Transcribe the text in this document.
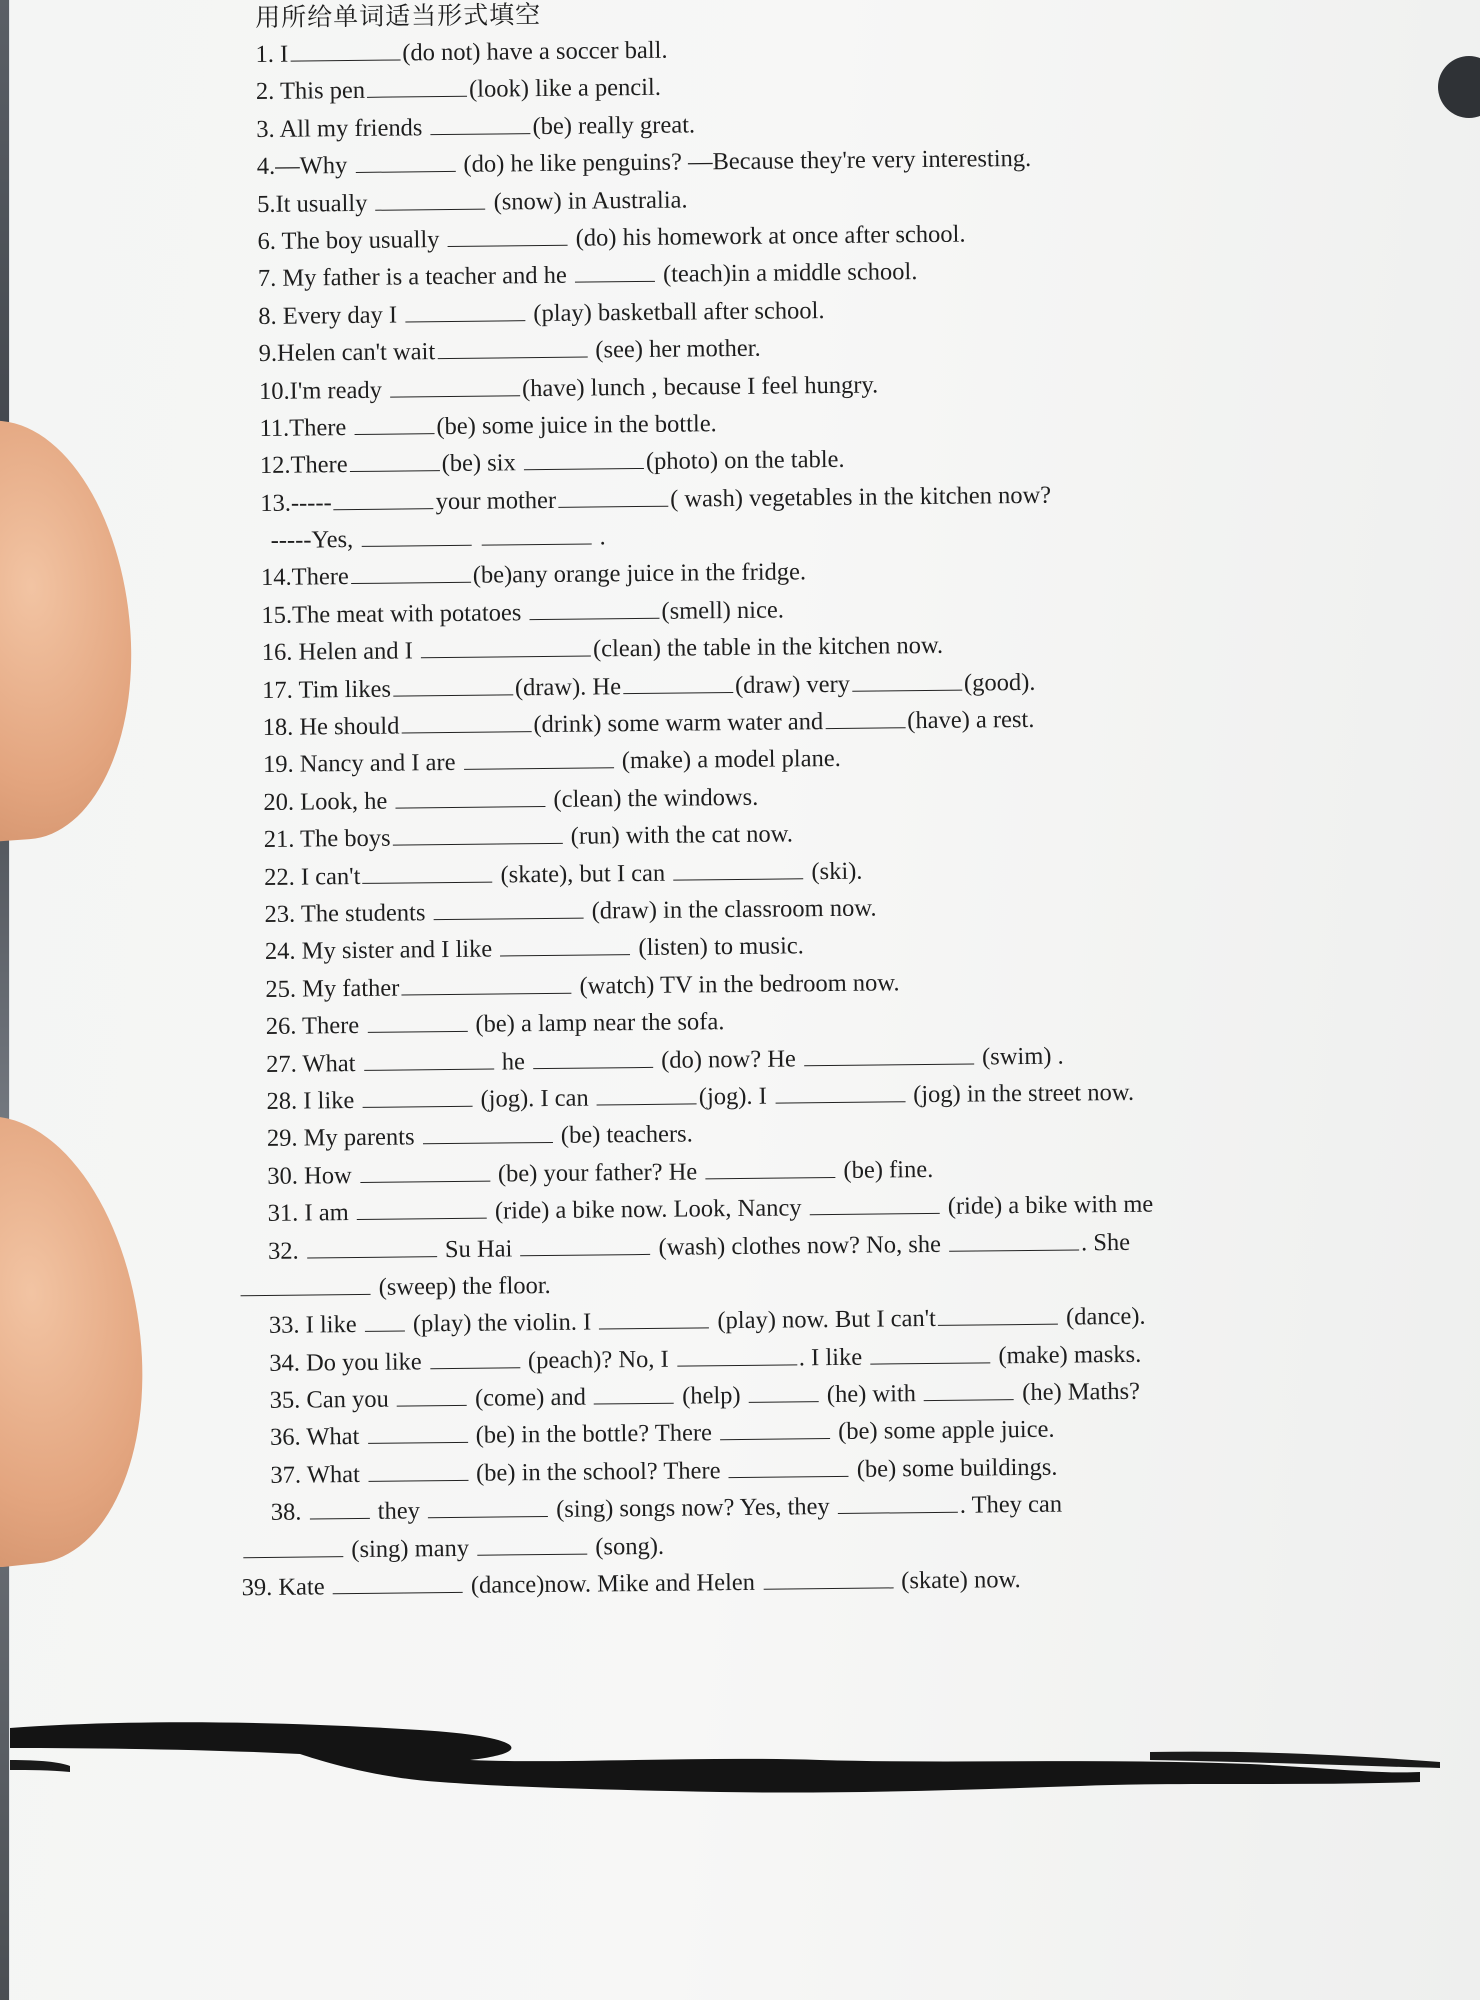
用所给单词适当形式填空
1. I	(do not) have a soccer ball.
2. This pen	(look) like a pencil.
3. All my friends	(be) really great.
4.—Why	(do) he like penguins? —Because they're very interesting.
5.It usually	(snow) in Australia.
6. The boy usually	(do) his homework at once after school.
7. My father is a teacher and he	(teach)in a middle school.
8. Every day I	(play) basketball after school.
9.Helen can't wait	(see) her mother.
10.I'm ready	(have) lunch , because I feel hungry.
11.There	(be) some juice in the bottle.
12.There	(be) six	(photo) on the table.
13.-----	your mother	( wash) vegetables in the kitchen now?
-----Yes,	.
14.There	(be)any orange juice in the fridge.
15.The meat with potatoes	(smell) nice.
16. Helen and I	(clean) the table in the kitchen now.
17. Tim likes	(draw). He	(draw) very	(good).
18. He should	(drink) some warm water and	(have) a rest.
19. Nancy and I are	(make) a model plane.
20. Look, he	(clean) the windows.
21. The boys	(run) with the cat now.
22. I can't	(skate), but I can	(ski).
23. The students	(draw) in the classroom now.
24. My sister and I like	(listen) to music.
25. My father	(watch) TV in the bedroom now.
26. There	(be) a lamp near the sofa.
27. What	he	(do) now? He	(swim) .
28. I like	(jog). I can	(jog). I	(jog) in the street now.
29. My parents	(be) teachers.
30. How	(be) your father? He	(be) fine.
31. I am	(ride) a bike now. Look, Nancy	(ride) a bike with me
32.	Su Hai	(wash) clothes now? No, she	. She
(sweep) the floor.
33. I like (play) the violin. I	(play) now. But I can't	(dance).
34. Do you like	(peach)? No, I	. I like	(make) masks.
35. Can you	(come) and	(help)	(he) with	(he) Maths?
36. What	(be) in the bottle? There	(be) some apple juice.
37. What	(be) in the school? There	(be) some buildings.
38.	they	(sing) songs now? Yes, they	. They can
(sing) many	(song).
39. Kate	(dance)now. Mike and Helen	(skate) now.
